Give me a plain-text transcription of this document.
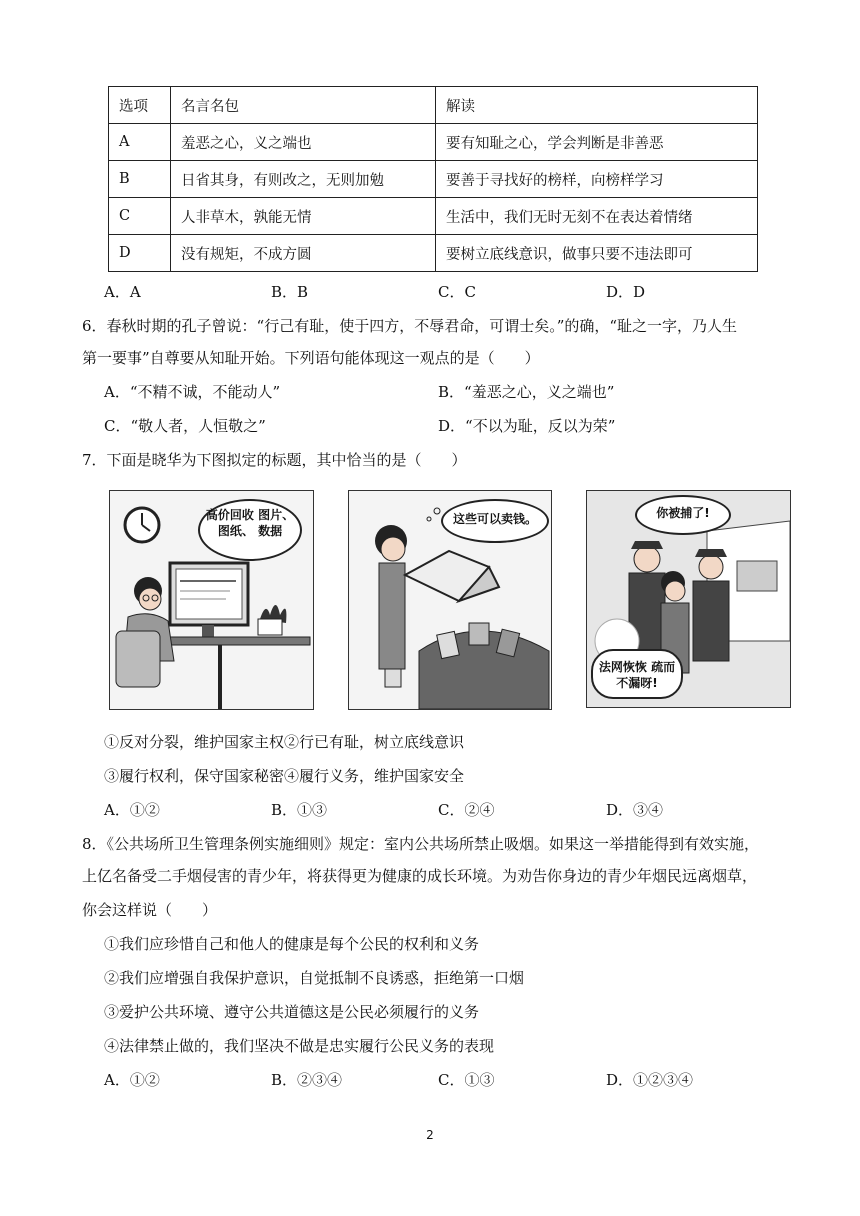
选项	名言名包	解读
A	羞恶之心，义之端也	要有知耻之心，学会判断是非善恶
B	日省其身，有则改之，无则加勉	要善于寻找好的榜样，向榜样学习
C	人非草木，孰能无情	生活中，我们无时无刻不在表达着情绪
D	没有规矩，不成方圆	要树立底线意识，做事只要不违法即可
A．A	B．B	C．C	D．D
6．春秋时期的孔子曾说：“行己有耻，使于四方，不辱君命，可谓士矣。”的确，“耻之一字，乃人生
第一要事”自尊要从知耻开始。下列语句能体现这一观点的是（　　）
A．“不精不诚，不能动人”	B．“羞恶之心，义之端也”
C．“敬人者，人恒敬之”	D．“不以为耻，反以为荣”
7．下面是晓华为下图拟定的标题，其中恰当的是（　　）
高价回收 图片、图纸、 数据
这些可以卖钱。	你被捕了!
法网恢恢 疏而不漏呀!
①反对分裂，维护国家主权②行已有耻，树立底线意识
③履行权利，保守国家秘密④履行义务，维护国家安全
A．①②	B．①③	C．②④	D．③④
8．《公共场所卫生管理条例实施细则》规定：室内公共场所禁止吸烟。如果这一举措能得到有效实施，
上亿名备受二手烟侵害的青少年，将获得更为健康的成长环境。为劝告你身边的青少年烟民远离烟草，
你会这样说（　　）
①我们应珍惜自己和他人的健康是每个公民的权利和义务
②我们应增强自我保护意识，自觉抵制不良诱惑，拒绝第一口烟
③爱护公共环境、遵守公共道德这是公民必须履行的义务
④法律禁止做的，我们坚决不做是忠实履行公民义务的表现
A．①②	B．②③④	C．①③	D．①②③④
2
